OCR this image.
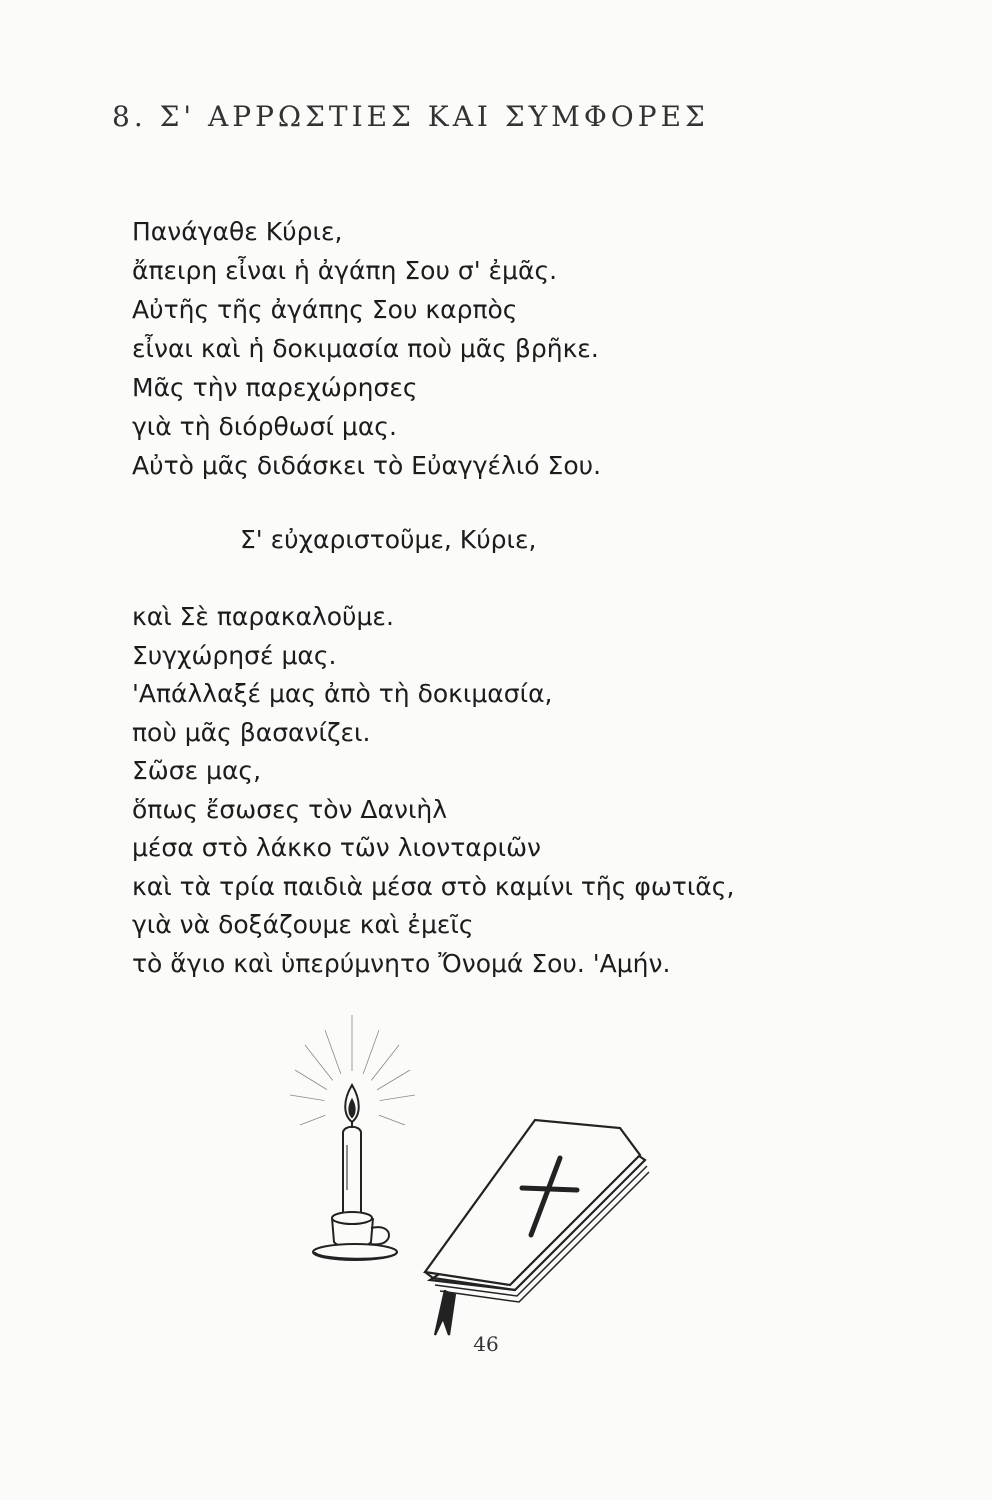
8. Σ' ΑΡΡΩΣΤΙΕΣ ΚΑΙ ΣΥΜΦΟΡΕΣ
Πανάγαθε Κύριε,
ἄπειρη εἶναι ἡ ἀγάπη Σου σ' ἐμᾶς.
Αὐτῆς τῆς ἀγάπης Σου καρπὸς
εἶναι καὶ ἡ δοκιμασία ποὺ μᾶς βρῆκε.
Μᾶς τὴν παρεχώρησες
γιὰ τὴ διόρθωσί μας.
Αὐτὸ μᾶς διδάσκει τὸ Εὐαγγέλιό Σου.
Σ' εὐχαριστοῦμε, Κύριε,
καὶ Σὲ παρακαλοῦμε.
Συγχώρησέ μας.
'Απάλλαξέ μας ἀπὸ τὴ δοκιμασία,
ποὺ μᾶς βασανίζει.
Σῶσε μας,
ὅπως ἔσωσες τὸν Δανιὴλ
μέσα στὸ λάκκο τῶν λιονταριῶν
καὶ τὰ τρία παιδιὰ μέσα στὸ καμίνι τῆς φωτιᾶς,
γιὰ νὰ δοξάζουμε καὶ ἐμεῖς
τὸ ἅγιο καὶ ὑπερύμνητο Ὄνομά Σου. 'Αμήν.
46
